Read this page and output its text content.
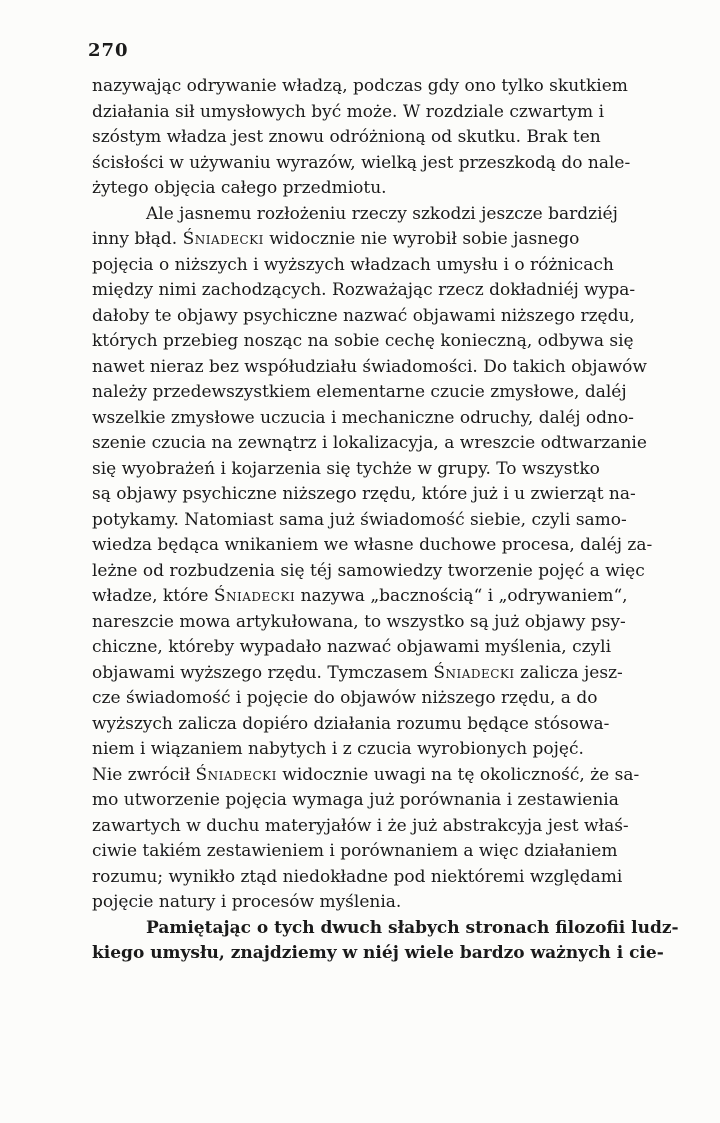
270

nazywając odrywanie władzą, podczas gdy ono tylko skutkiem
działania sił umysłowych być może. W rozdziale czwartym i
szóstym władza jest znowu odróżnioną od skutku. Brak ten
ścisłości w używaniu wyrazów, wielką jest przeszkodą do nale-
żytego objęcia całego przedmiotu.

Ale jasnemu rozłożeniu rzeczy szkodzi jeszcze bardziéj
inny błąd. Śniadecki widocznie nie wyrobił sobie jasnego
pojęcia o niższych i wyższych władzach umysłu i o różnicach
między nimi zachodzących. Rozważając rzecz dokładniéj wypa-
dałoby te objawy psychiczne nazwać objawami niższego rzędu,
których przebieg nosząc na sobie cechę konieczną, odbywa się
nawet nieraz bez współudziału świadomości. Do takich objawów
należy przedewszystkiem elementarne czucie zmysłowe, daléj
wszelkie zmysłowe uczucia i mechaniczne odruchy, daléj odno-
szenie czucia na zewnątrz i lokalizacyja, a wreszcie odtwarzanie
się wyobrażeń i kojarzenia się tychże w grupy. To wszystko
są objawy psychiczne niższego rzędu, które już i u zwierząt na-
potykamy. Natomiast sama już świadomość siebie, czyli samo-
wiedza będąca wnikaniem we własne duchowe procesa, daléj za-
leżne od rozbudzenia się téj samowiedzy tworzenie pojęć a więc
władze, które Śniadecki nazywa „bacznością“ i „odrywaniem“,
nareszcie mowa artykułowana, to wszystko są już objawy psy-
chiczne, któreby wypadało nazwać objawami myślenia, czyli
objawami wyższego rzędu. Tymczasem Śniadecki zalicza jesz-
cze świadomość i pojęcie do objawów niższego rzędu, a do
wyższych zalicza dopiéro działania rozumu będące stósowa-
niem i wiązaniem nabytych i z czucia wyrobionych pojęć.
Nie zwrócił Śniadecki widocznie uwagi na tę okoliczność, że sa-
mo utworzenie pojęcia wymaga już porównania i zestawienia
zawartych w duchu materyjałów i że już abstrakcyja jest właś-
ciwie takiém zestawieniem i porównaniem a więc działaniem
rozumu; wynikło ztąd niedokładne pod niektóremi względami
pojęcie natury i procesów myślenia.

Pamiętając o tych dwuch słabych stronach filozofii ludz-
kiego umysłu, znajdziemy w niéj wiele bardzo ważnych i cie-
